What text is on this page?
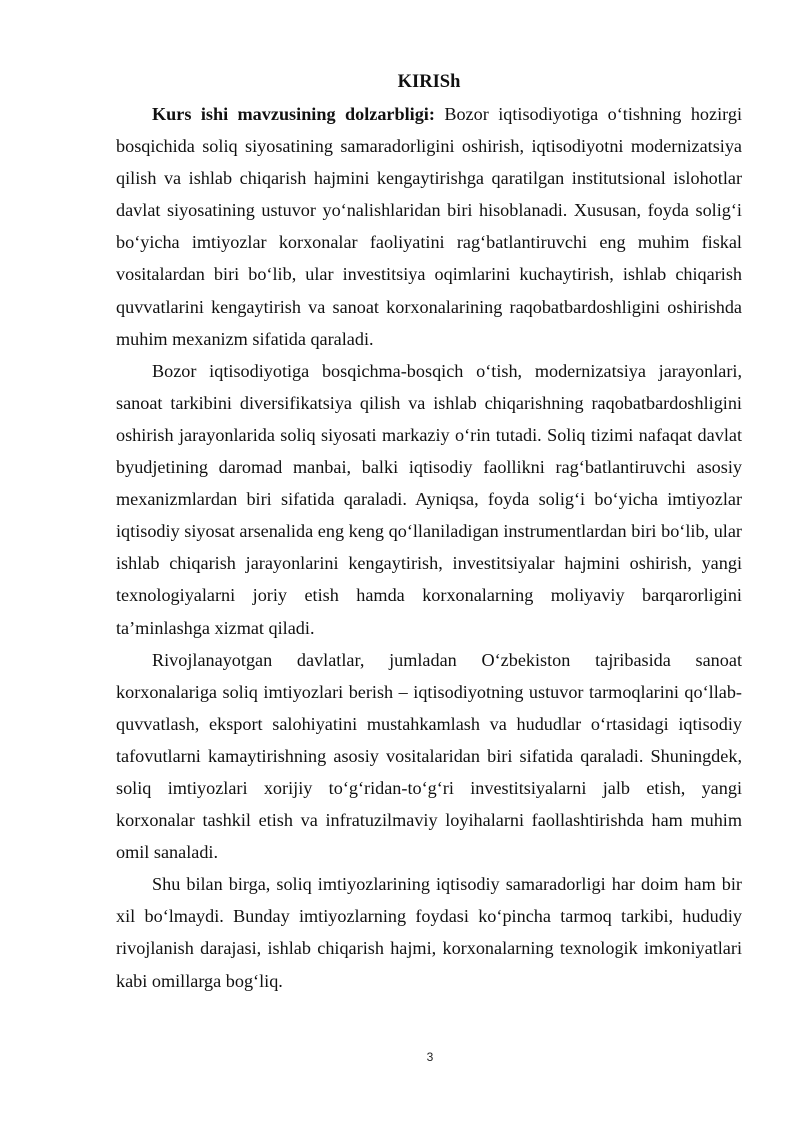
KIRISh

Kurs ishi mavzusining dolzarbligi: Bozor iqtisodiyotiga o‘tishning hozirgi bosqichida soliq siyosatining samaradorligini oshirish, iqtisodiyotni modernizatsiya qilish va ishlab chiqarish hajmini kengaytirishga qaratilgan institutsional islohotlar davlat siyosatining ustuvor yo‘nalishlaridan biri hisoblanadi. Xususan, foyda solig‘i bo‘yicha imtiyozlar korxonalar faoliyatini rag‘batlantiruvchi eng muhim fiskal vositalardan biri bo‘lib, ular investitsiya oqimlarini kuchaytirish, ishlab chiqarish quvvatlarini kengaytirish va sanoat korxonalarining raqobatbardoshligini oshirishda muhim mexanizm sifatida qaraladi.

Bozor iqtisodiyotiga bosqichma-bosqich o‘tish, modernizatsiya jarayonlari, sanoat tarkibini diversifikatsiya qilish va ishlab chiqarishning raqobatbardoshligini oshirish jarayonlarida soliq siyosati markaziy o‘rin tutadi. Soliq tizimi nafaqat davlat byudjetining daromad manbai, balki iqtisodiy faollikni rag‘batlantiruvchi asosiy mexanizmlardan biri sifatida qaraladi. Ayniqsa, foyda solig‘i bo‘yicha imtiyozlar iqtisodiy siyosat arsenalida eng keng qo‘llaniladigan instrumentlardan biri bo‘lib, ular ishlab chiqarish jarayonlarini kengaytirish, investitsiyalar hajmini oshirish, yangi texnologiyalarni joriy etish hamda korxonalarning moliyaviy barqarorligini ta’minlashga xizmat qiladi.

Rivojlanayotgan davlatlar, jumladan O‘zbekiston tajribasida sanoat korxonalariga soliq imtiyozlari berish – iqtisodiyotning ustuvor tarmoqlarini qo‘llab-quvvatlash, eksport salohiyatini mustahkamlash va hududlar o‘rtasidagi iqtisodiy tafovutlarni kamaytirishning asosiy vositalaridan biri sifatida qaraladi. Shuningdek, soliq imtiyozlari xorijiy to‘g‘ridan-to‘g‘ri investitsiyalarni jalb etish, yangi korxonalar tashkil etish va infratuzilmaviy loyihalarni faollashtirishda ham muhim omil sanaladi.

Shu bilan birga, soliq imtiyozlarining iqtisodiy samaradorligi har doim ham bir xil bo‘lmaydi. Bunday imtiyozlarning foydasi ko‘pincha tarmoq tarkibi, hududiy rivojlanish darajasi, ishlab chiqarish hajmi, korxonalarning texnologik imkoniyatlari kabi omillarga bog‘liq.

3
